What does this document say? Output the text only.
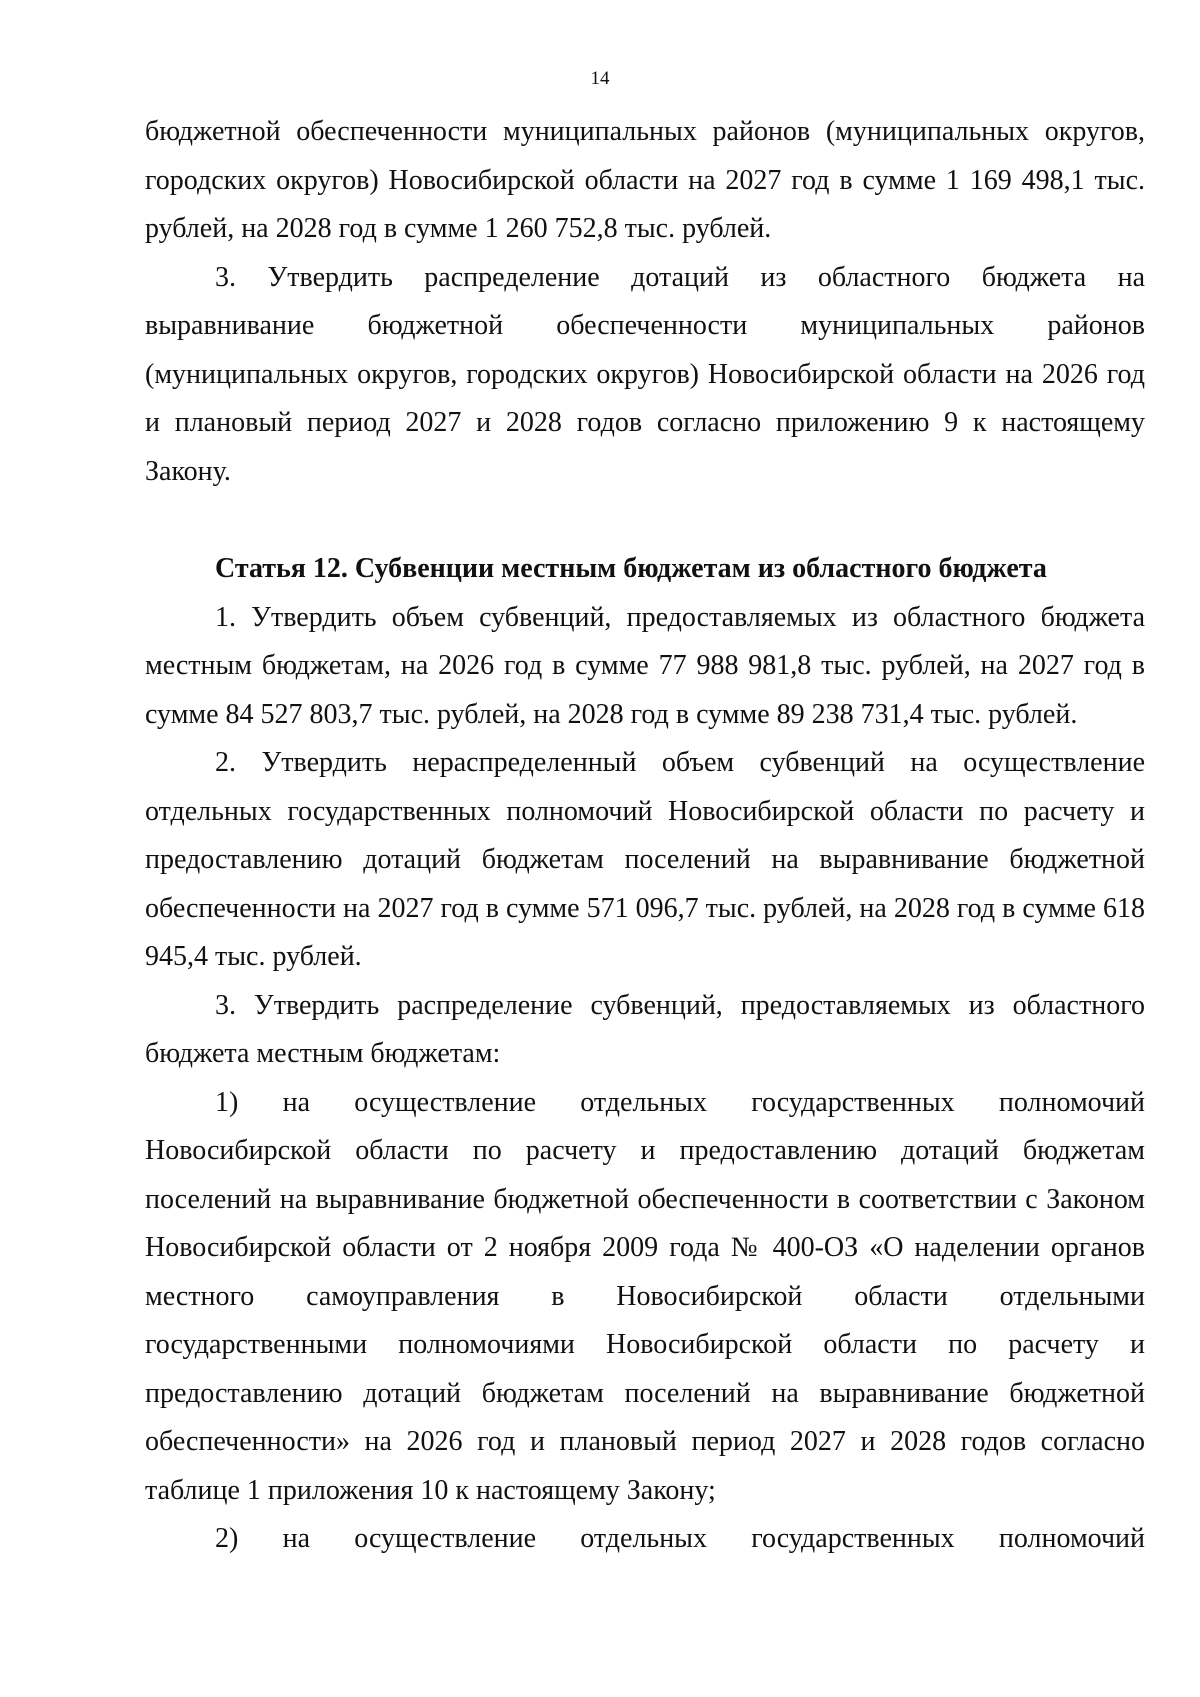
14

бюджетной обеспеченности муниципальных районов (муниципальных округов, городских округов) Новосибирской области на 2027 год в сумме 1 169 498,1 тыс. рублей, на 2028 год в сумме 1 260 752,8 тыс. рублей.

3. Утвердить распределение дотаций из областного бюджета на выравнивание бюджетной обеспеченности муниципальных районов (муниципальных округов, городских округов) Новосибирской области на 2026 год и плановый период 2027 и 2028 годов согласно приложению 9 к настоящему Закону.

Статья 12. Субвенции местным бюджетам из областного бюджета

1. Утвердить объем субвенций, предоставляемых из областного бюджета местным бюджетам, на 2026 год в сумме 77 988 981,8 тыс. рублей, на 2027 год в сумме 84 527 803,7 тыс. рублей, на 2028 год в сумме 89 238 731,4 тыс. рублей.

2. Утвердить нераспределенный объем субвенций на осуществление отдельных государственных полномочий Новосибирской области по расчету и предоставлению дотаций бюджетам поселений на выравнивание бюджетной обеспеченности на 2027 год в сумме 571 096,7 тыс. рублей, на 2028 год в сумме 618 945,4 тыс. рублей.

3. Утвердить распределение субвенций, предоставляемых из областного бюджета местным бюджетам:

1) на осуществление отдельных государственных полномочий Новосибирской области по расчету и предоставлению дотаций бюджетам поселений на выравнивание бюджетной обеспеченности в соответствии с Законом Новосибирской области от 2 ноября 2009 года № 400-ОЗ «О наделении органов местного самоуправления в Новосибирской области отдельными государственными полномочиями Новосибирской области по расчету и предоставлению дотаций бюджетам поселений на выравнивание бюджетной обеспеченности» на 2026 год и плановый период 2027 и 2028 годов согласно таблице 1 приложения 10 к настоящему Закону;

2) на осуществление отдельных государственных полномочий
